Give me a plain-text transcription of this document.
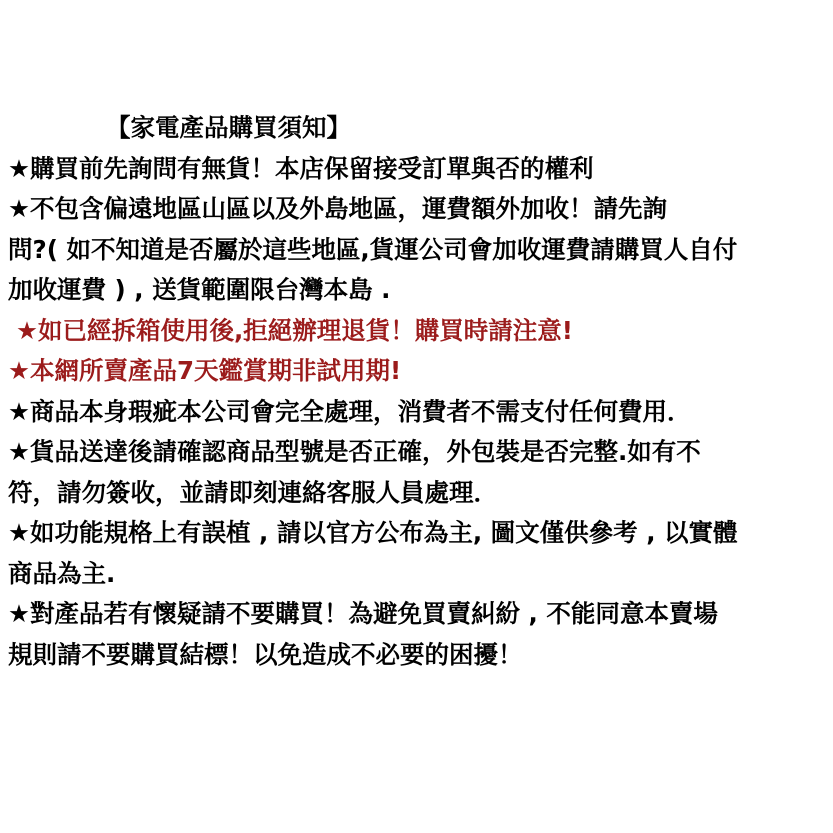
【家電產品購買須知】
★購買前先詢問有無貨！本店保留接受訂單與否的權利
★不包含偏遠地區山區以及外島地區，運費額外加收！請先詢
問?( 如不知道是否屬於這些地區,貨運公司會加收運費請購買人自付
加收運費 ) , 送貨範圍限台灣本島 .
★如已經拆箱使用後,拒絕辦理退貨！購買時請注意!
★本網所賣產品7天鑑賞期非試用期!
★商品本身瑕疵本公司會完全處理，消費者不需支付任何費用．
★貨品送達後請確認商品型號是否正確，外包裝是否完整.如有不
符，請勿簽收，並請即刻連絡客服人員處理．
★如功能規格上有誤植 , 請以官方公布為主, 圖文僅供參考 , 以實體
商品為主.
★對產品若有懷疑請不要購買！為避免買賣糾紛 , 不能同意本賣場
規則請不要購買結標！以免造成不必要的困擾！
